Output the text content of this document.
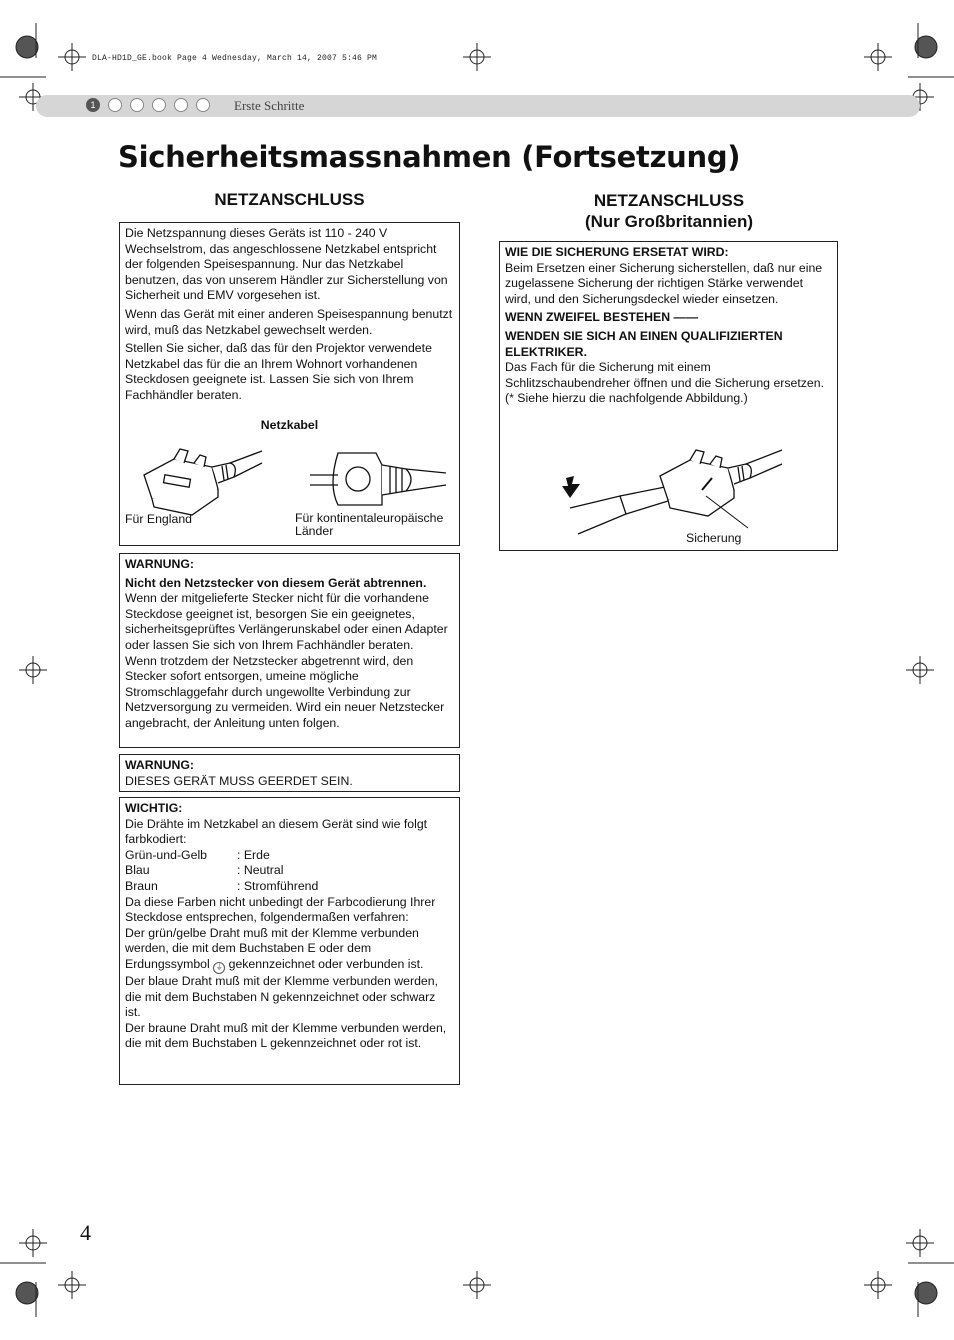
DLA-HD1D_GE.book Page 4 Wednesday, March 14, 2007 5:46 PM
1	Erste Schritte
Sicherheitsmassnahmen (Fortsetzung)
NETZANSCHLUSS

Die Netzspannung dieses Geräts ist 110 - 240 V Wechselstrom, das angeschlossene Netzkabel entspricht der folgenden Speisespannung. Nur das Netzkabel benutzen, das von unserem Händler zur Sicherstellung von Sicherheit und EMV vorgesehen ist.

Wenn das Gerät mit einer anderen Speisespannung benutzt wird, muß das Netzkabel gewechselt werden.

Stellen Sie sicher, daß das für den Projektor verwendete Netzkabel das für die an Ihrem Wohnort vorhandenen Steckdosen geeignete ist. Lassen Sie sich von Ihrem Fachhändler beraten.

Netzkabel
Für England	Für kontinentaleuropäische Länder
WARNUNG:
Nicht den Netzstecker von diesem Gerät abtrennen.
Wenn der mitgelieferte Stecker nicht für die vorhandene Steckdose geeignet ist, besorgen Sie ein geeignetes, sicherheitsgeprüftes Verlängerunskabel oder einen Adapter oder lassen Sie sich von Ihrem Fachhändler beraten.
Wenn trotzdem der Netzstecker abgetrennt wird, den Stecker sofort entsorgen, umeine mögliche Stromschlaggefahr durch ungewollte Verbindung zur Netzversorgung zu vermeiden. Wird ein neuer Netzstecker angebracht, der Anleitung unten folgen.
WARNUNG:
DIESES GERÄT MUSS GEERDET SEIN.
WICHTIG:
Die Drähte im Netzkabel an diesem Gerät sind wie folgt farbkodiert:
Grün-und-Gelb	: Erde
Blau	: Neutral
Braun	: Stromführend
Da diese Farben nicht unbedingt der Farbcodierung Ihrer Steckdose entsprechen, folgendermaßen verfahren:
Der grün/gelbe Draht muß mit der Klemme verbunden werden, die mit dem Buchstaben E oder dem Erdungssymbol ⏚ gekennzeichnet oder verbunden ist.
Der blaue Draht muß mit der Klemme verbunden werden, die mit dem Buchstaben N gekennzeichnet oder schwarz ist.
Der braune Draht muß mit der Klemme verbunden werden, die mit dem Buchstaben L gekennzeichnet oder rot ist.
NETZANSCHLUSS
(Nur Großbritannien)
WIE DIE SICHERUNG ERSETAT WIRD:
Beim Ersetzen einer Sicherung sicherstellen, daß nur eine zugelassene Sicherung der richtigen Stärke verwendet wird, und den Sicherungsdeckel wieder einsetzen.
WENN ZWEIFEL BESTEHEN ——
WENDEN SIE SICH AN EINEN QUALIFIZIERTEN ELEKTRIKER.
Das Fach für die Sicherung mit einem Schlitzschaubendreher öffnen und die Sicherung ersetzen.
(* Siehe hierzu die nachfolgende Abbildung.)
Sicherung
4
